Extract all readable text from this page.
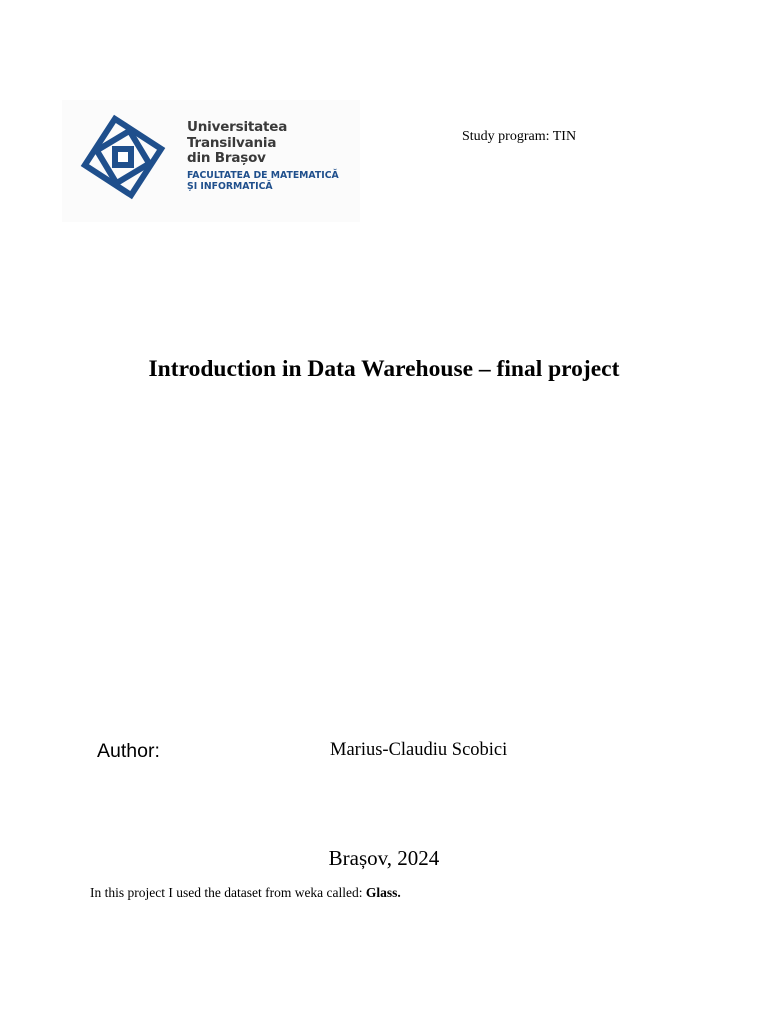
Universitatea
Transilvania
din Brașov
FACULTATEA DE MATEMATICĂ
ȘI INFORMATICĂ
Study program: TIN
Introduction in Data Warehouse – final project
Author:	Marius-Claudiu Scobici
Brașov, 2024
In this project I used the dataset from weka called: Glass.
